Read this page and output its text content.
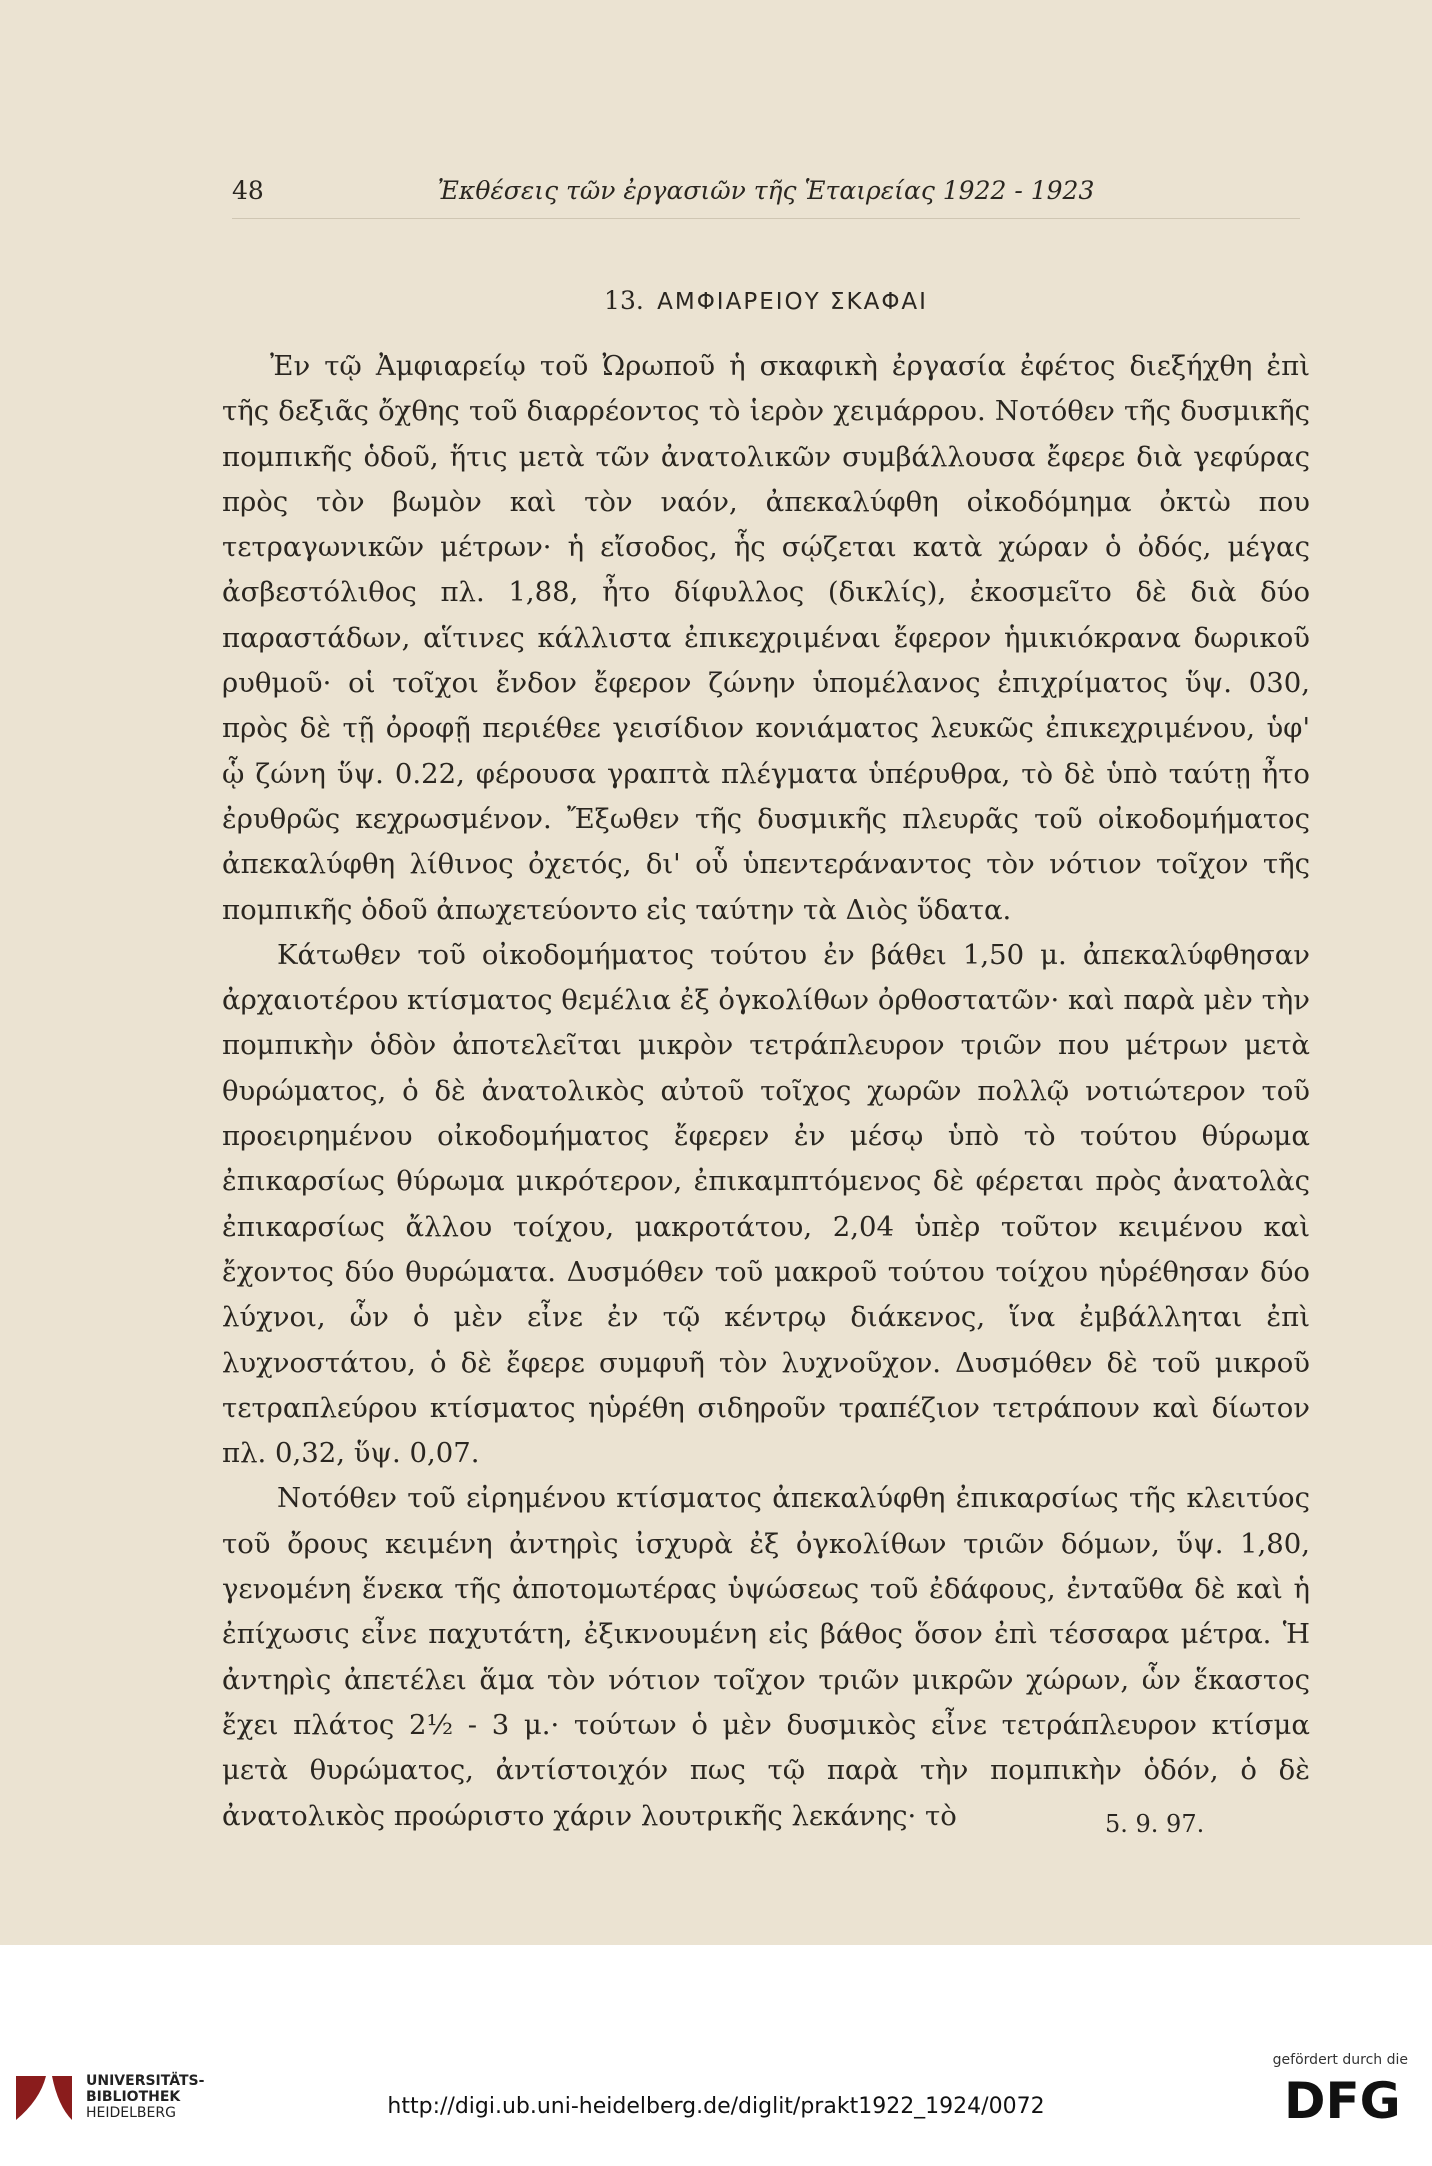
48	Ἐκθέσεις τῶν ἐργασιῶν τῆς Ἑταιρείας 1922 - 1923
13. ΑΜΦΙΑΡΕΙΟΥ ΣΚΑΦΑΙ

Ἐν τῷ Ἀμφιαρείῳ τοῦ Ὠρωποῦ ἡ σκαφικὴ ἐργασία ἐφέτος διεξήχθη ἐπὶ τῆς δεξιᾶς ὄχθης τοῦ διαρρέοντος τὸ ἱερὸν χειμάρρου. Νοτόθεν τῆς δυσμικῆς πομπικῆς ὁδοῦ, ἥτις μετὰ τῶν ἀνατολικῶν συμβάλλουσα ἔφερε διὰ γεφύρας πρὸς τὸν βωμὸν καὶ τὸν ναόν, ἀπεκαλύφθη οἰκοδόμημα ὀκτὼ που τετραγωνικῶν μέτρων· ἡ εἴσοδος, ἧς σῴζεται κατὰ χώραν ὁ ὀδός, μέγας ἀσβεστόλιθος πλ. 1,88, ἦτο δίφυλλος (δικλίς), ἐκοσμεῖτο δὲ διὰ δύο παραστάδων, αἵτινες κάλλιστα ἐπικεχριμέναι ἔφερον ἡμικιόκρανα δωρικοῦ ρυθμοῦ· οἱ τοῖχοι ἔνδον ἔφερον ζώνην ὑπομέλανος ἐπιχρίματος ὕψ. 030, πρὸς δὲ τῇ ὀροφῇ περιέθεε γεισίδιον κονιάματος λευκῶς ἐπικεχριμένου, ὑφ' ᾧ ζώνη ὕψ. 0.22, φέρουσα γραπτὰ πλέγματα ὑπέρυθρα, τὸ δὲ ὑπὸ ταύτῃ ἦτο ἐρυθρῶς κεχρωσμένον. Ἔξωθεν τῆς δυσμικῆς πλευρᾶς τοῦ οἰκοδομήματος ἀπεκαλύφθη λίθινος ὀχετός, δι' οὗ ὑπεντεράναντος τὸν νότιον τοῖχον τῆς πομπικῆς ὁδοῦ ἀπωχετεύοντο εἰς ταύτην τὰ Διὸς ὕδατα.

Κάτωθεν τοῦ οἰκοδομήματος τούτου ἐν βάθει 1,50 μ. ἀπεκαλύφθησαν ἀρχαιοτέρου κτίσματος θεμέλια ἐξ ὀγκολίθων ὀρθοστατῶν· καὶ παρὰ μὲν τὴν πομπικὴν ὁδὸν ἀποτελεῖται μικρὸν τετράπλευρον τριῶν που μέτρων μετὰ θυρώματος, ὁ δὲ ἀνατολικὸς αὐτοῦ τοῖχος χωρῶν πολλῷ νοτιώτερον τοῦ προειρημένου οἰκοδομήματος ἔφερεν ἐν μέσῳ ὑπὸ τὸ τούτου θύρωμα ἐπικαρσίως θύρωμα μικρότερον, ἐπικαμπτόμενος δὲ φέρεται πρὸς ἀνατολὰς ἐπικαρσίως ἄλλου τοίχου, μακροτάτου, 2,04 ὑπὲρ τοῦτον κειμένου καὶ ἔχοντος δύο θυρώματα. Δυσμόθεν τοῦ μακροῦ τούτου τοίχου ηὑρέθησαν δύο λύχνοι, ὧν ὁ μὲν εἶνε ἐν τῷ κέντρῳ διάκενος, ἵνα ἐμβάλληται ἐπὶ λυχνοστάτου, ὁ δὲ ἔφερε συμφυῆ τὸν λυχνοῦχον. Δυσμόθεν δὲ τοῦ μικροῦ τετραπλεύρου κτίσματος ηὑρέθη σιδηροῦν τραπέζιον τετράπουν καὶ δίωτον πλ. 0,32, ὕψ. 0,07.

Νοτόθεν τοῦ εἰρημένου κτίσματος ἀπεκαλύφθη ἐπικαρσίως τῆς κλειτύος τοῦ ὄρους κειμένη ἀντηρὶς ἰσχυρὰ ἐξ ὀγκολίθων τριῶν δόμων, ὕψ. 1,80, γενομένη ἕνεκα τῆς ἀποτομωτέρας ὑψώσεως τοῦ ἐδάφους, ἐνταῦθα δὲ καὶ ἡ ἐπίχωσις εἶνε παχυτάτη, ἐξικνουμένη εἰς βάθος ὅσον ἐπὶ τέσσαρα μέτρα. Ἡ ἀντηρὶς ἀπετέλει ἅμα τὸν νότιον τοῖχον τριῶν μικρῶν χώρων, ὧν ἕκαστος ἔχει πλάτος 2½ - 3 μ.· τούτων ὁ μὲν δυσμικὸς εἶνε τετράπλευρον κτίσμα μετὰ θυρώματος, ἀντίστοιχόν πως τῷ παρὰ τὴν πομπικὴν ὁδόν, ὁ δὲ ἀνατολικὸς προώριστο χάριν λουτρικῆς λεκάνης· τὸ	5. 9. 97.
UNIVERSITÄTS-
BIBLIOTHEK
HEIDELBERG	http://digi.ub.uni-heidelberg.de/diglit/prakt1922_1924/0072
gefördert durch die
DFG
